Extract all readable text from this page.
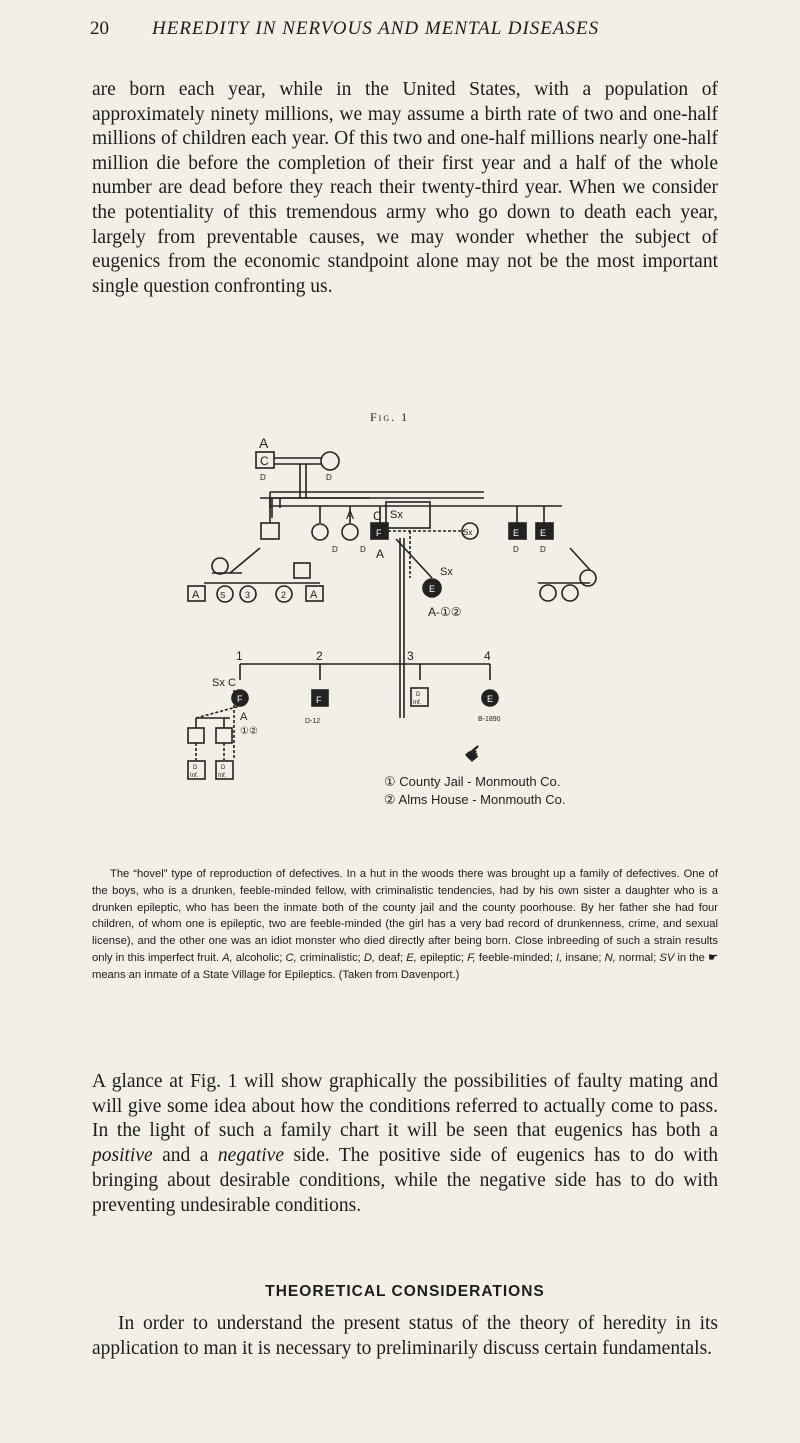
20 HEREDITY IN NERVOUS AND MENTAL DISEASES

are born each year, while in the United States, with a population of approximately ninety millions, we may assume a birth rate of two and one-half millions of children each year. Of this two and one-half millions nearly one-half million die before the completion of their first year and a half of the whole number are dead before they reach their twenty-third year. When we consider the potentiality of this tremendous army who go down to death each year, largely from preventable causes, we may wonder whether the subject of eugenics from the economic standpoint alone may not be the most important single question confronting us.

Fig. 1
A
C
D	D
A
D	D
C
F
Sx
Sx
A
E E
D	D
E
Sx
A-①②
A	S 3	2 A
1	2	3	4
Sx C
F	F
D-12
D
Inf.	E
B-1890
A
①②
D
Inf.
D
Inf.
☛
① County Jail - Monmouth Co.
② Alms House - Monmouth Co.

The “hovel” type of reproduction of defectives. In a hut in the woods there was brought up a family of defectives. One of the boys, who is a drunken, feeble-minded fellow, with criminalistic tendencies, had by his own sister a daughter who is a drunken epileptic, who has been the inmate both of the county jail and the county poorhouse. By her father she had four children, of whom one is epileptic, two are feeble-minded (the girl has a very bad record of drunkenness, crime, and sexual license), and the other one was an idiot monster who died directly after being born. Close inbreeding of such a strain results only in this imperfect fruit. A, alcoholic; C, criminalistic; D, deaf; E, epileptic; F, feeble-minded; I, insane; N, normal; SV in the ☛ means an inmate of a State Village for Epileptics. (Taken from Davenport.)

A glance at Fig. 1 will show graphically the possibilities of faulty mating and will give some idea about how the conditions referred to actually come to pass. In the light of such a family chart it will be seen that eugenics has both a positive and a negative side. The positive side of eugenics has to do with bringing about desirable conditions, while the negative side has to do with preventing undesirable conditions.

THEORETICAL CONSIDERATIONS

In order to understand the present status of the theory of heredity in its application to man it is necessary to preliminarily discuss certain fundamentals.
